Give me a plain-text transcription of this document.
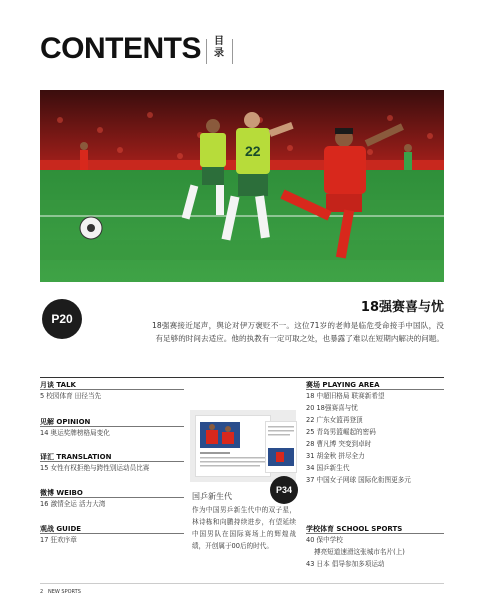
CONTENTS 目
录
22
P20
18强赛喜与忧
18强赛接近尾声，舆论对伊万褒贬不一。这位71岁的老帅是临危受命接手中国队，没有足够的时间去适应。他的执教有一定可取之处，也暴露了难以在短期内解决的问题。
月谈 TALK
5 校园体育 田径当先
见解 OPINION
14 奥运奖牌榜格局变化
译汇 TRANSLATION
15 女性有权拒绝与跨性别运动员比赛
微博 WEIBO
16 激情全运 活力大湾
观战 GUIDE
17 狂欢序章
P34
国乒新生代
作为中国男乒新生代中的双子星，林诗栋和向鹏持续进步，有望延续中国男队在国际赛场上的辉煌战绩，开创属于00后的时代。
赛场 PLAYING AREA
18 中超旧格局 联赛新希望
20 18强赛喜与忧
22 广东女篮再登顶
25 青岛男篮崛起的密码
28 曹凡博 突变到卓时
31 胡金秋 拼尽全力
34 国乒新生代
37 中国女子网球 国际化衔图更多元
学校体育 SCHOOL SPORTS
40 保中学校
搏亮短道速滑这张城市名片(上)
43 日本 倡导参加多项运动
2 NEW SPORTS
